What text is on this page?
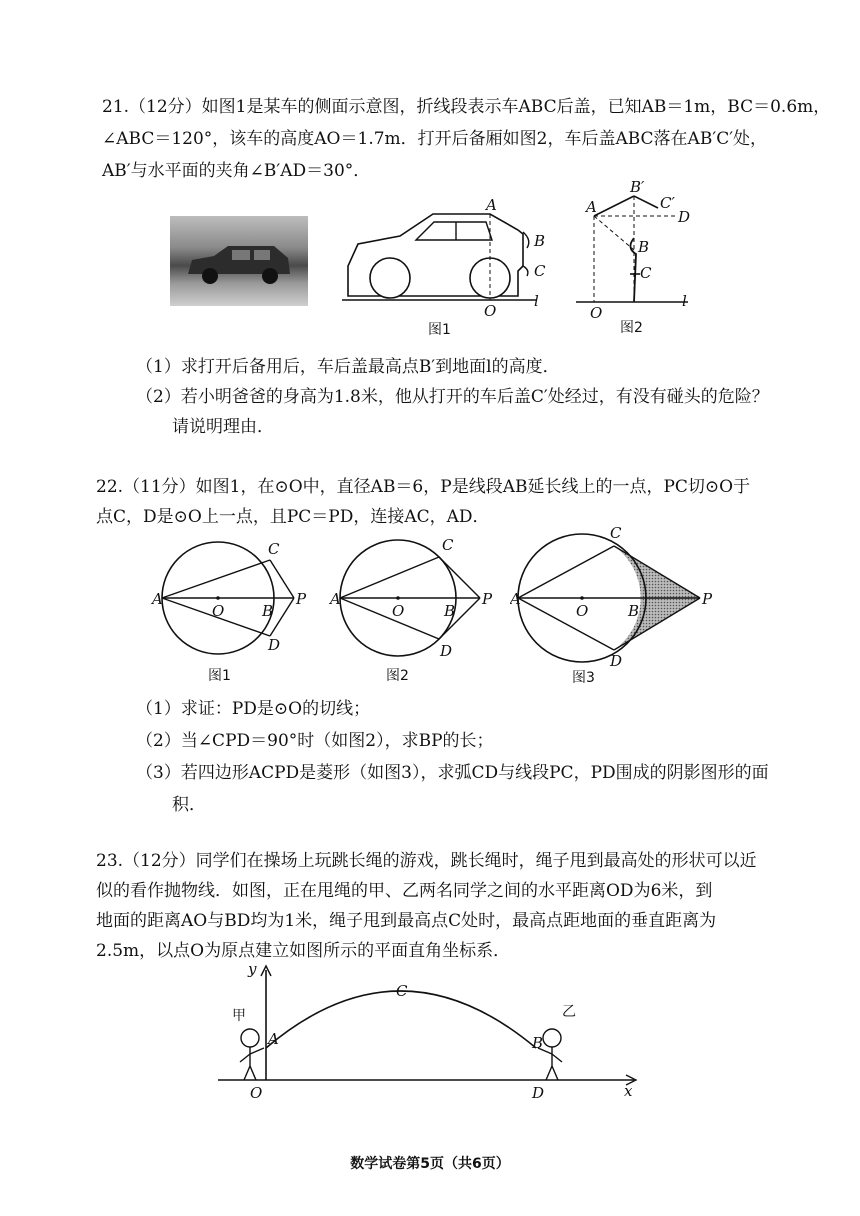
21.（12分）如图1是某车的侧面示意图，折线段表示车ABC后盖，已知AB＝1m，BC＝0.6m，
∠ABC＝120°，该车的高度AO＝1.7m．打开后备厢如图2，车后盖ABC落在AB′C′处，
AB′与水平面的夹角∠B′AD＝30°．
A
B
C
O
l
图1
A
B′
C′
D
B
C
O
l
图2
（1）求打开后备用后，车后盖最高点B′到地面l的高度．
（2）若小明爸爸的身高为1.8米，他从打开的车后盖C′处经过，有没有碰头的危险？
请说明理由．
22.（11分）如图1，在⊙O中，直径AB＝6，P是线段AB延长线上的一点，PC切⊙O于
点C，D是⊙O上一点，且PC＝PD，连接AC，AD．
A
O	B
C
D
P
图1
A
O	B
C
D
P
图2
A
O	B
C
D
P
图3
（1）求证：PD是⊙O的切线；
（2）当∠CPD＝90°时（如图2），求BP的长；
（3）若四边形ACPD是菱形（如图3），求弧CD与线段PC，PD围成的阴影图形的面
积．
23.（12分）同学们在操场上玩跳长绳的游戏，跳长绳时，绳子甩到最高处的形状可以近
似的看作抛物线．如图，正在甩绳的甲、乙两名同学之间的水平距离OD为6米，到
地面的距离AO与BD均为1米，绳子甩到最高点C处时，最高点距地面的垂直距离为
2.5m，以点O为原点建立如图所示的平面直角坐标系．
y
x
O
A	B
C
D
甲	乙
数学试卷第5页（共6页）
